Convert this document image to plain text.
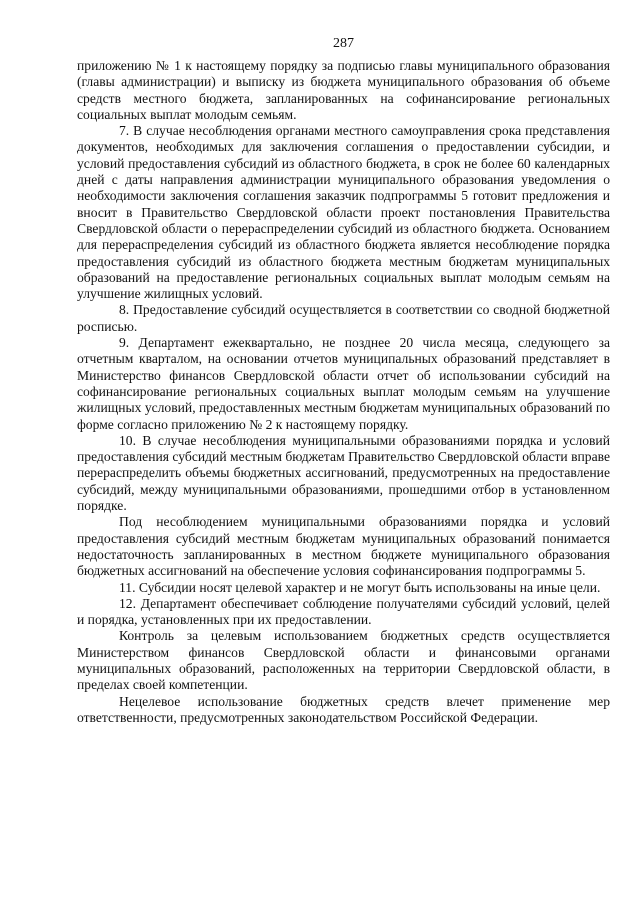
287

приложению № 1 к настоящему порядку за подписью главы муниципального образования (главы администрации) и выписку из бюджета муниципального образования об объеме средств местного бюджета, запланированных на софинансирование региональных социальных выплат молодым семьям.

7. В случае несоблюдения органами местного самоуправления срока представления документов, необходимых для заключения соглашения о предоставлении субсидии, и условий предоставления субсидий из областного бюджета, в срок не более 60 календарных дней с даты направления администрации муниципального образования уведомления о необходимости заключения соглашения заказчик подпрограммы 5 готовит предложения и вносит в Правительство Свердловской области проект постановления Правительства Свердловской области о перераспределении субсидий из областного бюджета. Основанием для перераспределения субсидий из областного бюджета является несоблюдение порядка предоставления субсидий из областного бюджета местным бюджетам муниципальных образований на предоставление региональных социальных выплат молодым семьям на улучшение жилищных условий.

8. Предоставление субсидий осуществляется в соответствии со сводной бюджетной росписью.

9. Департамент ежеквартально, не позднее 20 числа месяца, следующего за отчетным кварталом, на основании отчетов муниципальных образований представляет в Министерство финансов Свердловской области отчет об использовании субсидий на софинансирование региональных социальных выплат молодым семьям на улучшение жилищных условий, предоставленных местным бюджетам муниципальных образований по форме согласно приложению № 2 к настоящему порядку.

10. В случае несоблюдения муниципальными образованиями порядка и условий предоставления субсидий местным бюджетам Правительство Свердловской области вправе перераспределить объемы бюджетных ассигнований, предусмотренных на предоставление субсидий, между муниципальными образованиями, прошедшими отбор в установленном порядке.

Под несоблюдением муниципальными образованиями порядка и условий предоставления субсидий местным бюджетам муниципальных образований понимается недостаточность запланированных в местном бюджете муниципального образования бюджетных ассигнований на обеспечение условия софинансирования подпрограммы 5.

11. Субсидии носят целевой характер и не могут быть использованы на иные цели.

12. Департамент обеспечивает соблюдение получателями субсидий условий, целей и порядка, установленных при их предоставлении.

Контроль за целевым использованием бюджетных средств осуществляется Министерством финансов Свердловской области и финансовыми органами муниципальных образований, расположенных на территории Свердловской области, в пределах своей компетенции.

Нецелевое использование бюджетных средств влечет применение мер ответственности, предусмотренных законодательством Российской Федерации.
